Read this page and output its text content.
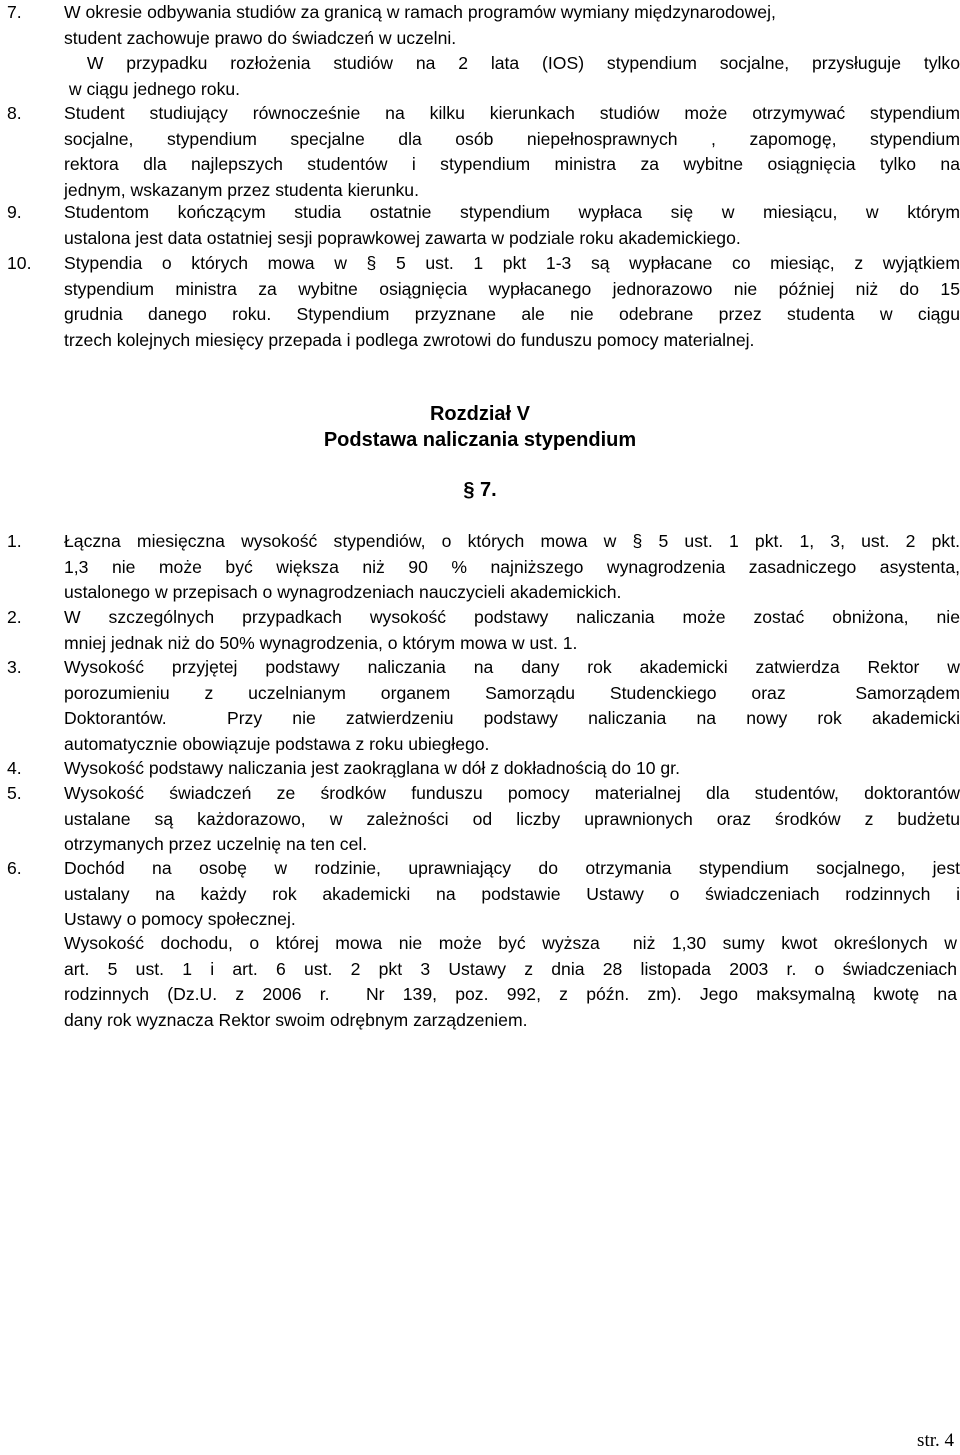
7. W okresie odbywania studiów za granicą w ramach programów wymiany międzynarodowej,
student zachowuje prawo do świadczeń w uczelni.
W przypadku rozłożenia studiów na 2 lata (IOS) stypendium socjalne, przysługuje tylko
w ciągu jednego roku.
8. Student studiujący równocześnie na kilku kierunkach studiów może otrzymywać stypendium
socjalne, stypendium specjalne dla osób niepełnosprawnych , zapomogę, stypendium
rektora dla najlepszych studentów i stypendium ministra za wybitne osiągnięcia tylko na
jednym, wskazanym przez studenta kierunku.
9. Studentom kończącym studia ostatnie stypendium wypłaca się w miesiącu, w którym
ustalona jest data ostatniej sesji poprawkowej zawarta w podziale roku akademickiego.
10. Stypendia o których mowa w § 5 ust. 1 pkt 1-3 są wypłacane co miesiąc, z wyjątkiem
stypendium ministra za wybitne osiągnięcia wypłacanego jednorazowo nie później niż do 15
grudnia danego roku. Stypendium przyznane ale nie odebrane przez studenta w ciągu
trzech kolejnych miesięcy przepada i podlega zwrotowi do funduszu pomocy materialnej.
Rozdział V
Podstawa naliczania stypendium
§ 7.
1. Łączna miesięczna wysokość stypendiów, o których mowa w § 5 ust. 1 pkt. 1, 3, ust. 2 pkt.
1,3 nie może być większa niż 90 % najniższego wynagrodzenia zasadniczego asystenta,
ustalonego w przepisach o wynagrodzeniach nauczycieli akademickich.
2. W szczególnych przypadkach wysokość podstawy naliczania może zostać obniżona, nie
mniej jednak niż do 50% wynagrodzenia, o którym mowa w ust. 1.
3. Wysokość przyjętej podstawy naliczania na dany rok akademicki zatwierdza Rektor w
porozumieniu z uczelnianym organem Samorządu Studenckiego oraz  Samorządem
Doktorantów.  Przy nie zatwierdzeniu podstawy naliczania na nowy rok akademicki
automatycznie obowiązuje podstawa z roku ubiegłego.
4. Wysokość podstawy naliczania jest zaokrąglana w dół z dokładnością do 10 gr.
5. Wysokość świadczeń ze środków funduszu pomocy materialnej dla studentów, doktorantów
ustalane są każdorazowo, w zależności od liczby uprawnionych oraz środków z budżetu
otrzymanych przez uczelnię na ten cel.
6. Dochód na osobę w rodzinie, uprawniający do otrzymania stypendium socjalnego, jest
ustalany na każdy rok akademicki na podstawie Ustawy o świadczeniach rodzinnych i
Ustawy o pomocy społecznej.
Wysokość dochodu, o której mowa nie może być wyższa  niż 1,30 sumy kwot określonych w
art. 5 ust. 1 i art. 6 ust. 2 pkt 3 Ustawy z dnia 28 listopada 2003 r. o świadczeniach
rodzinnych (Dz.U. z 2006 r.  Nr 139, poz. 992, z późn. zm). Jego maksymalną kwotę na
dany rok wyznacza Rektor swoim odrębnym zarządzeniem.
str. 4
